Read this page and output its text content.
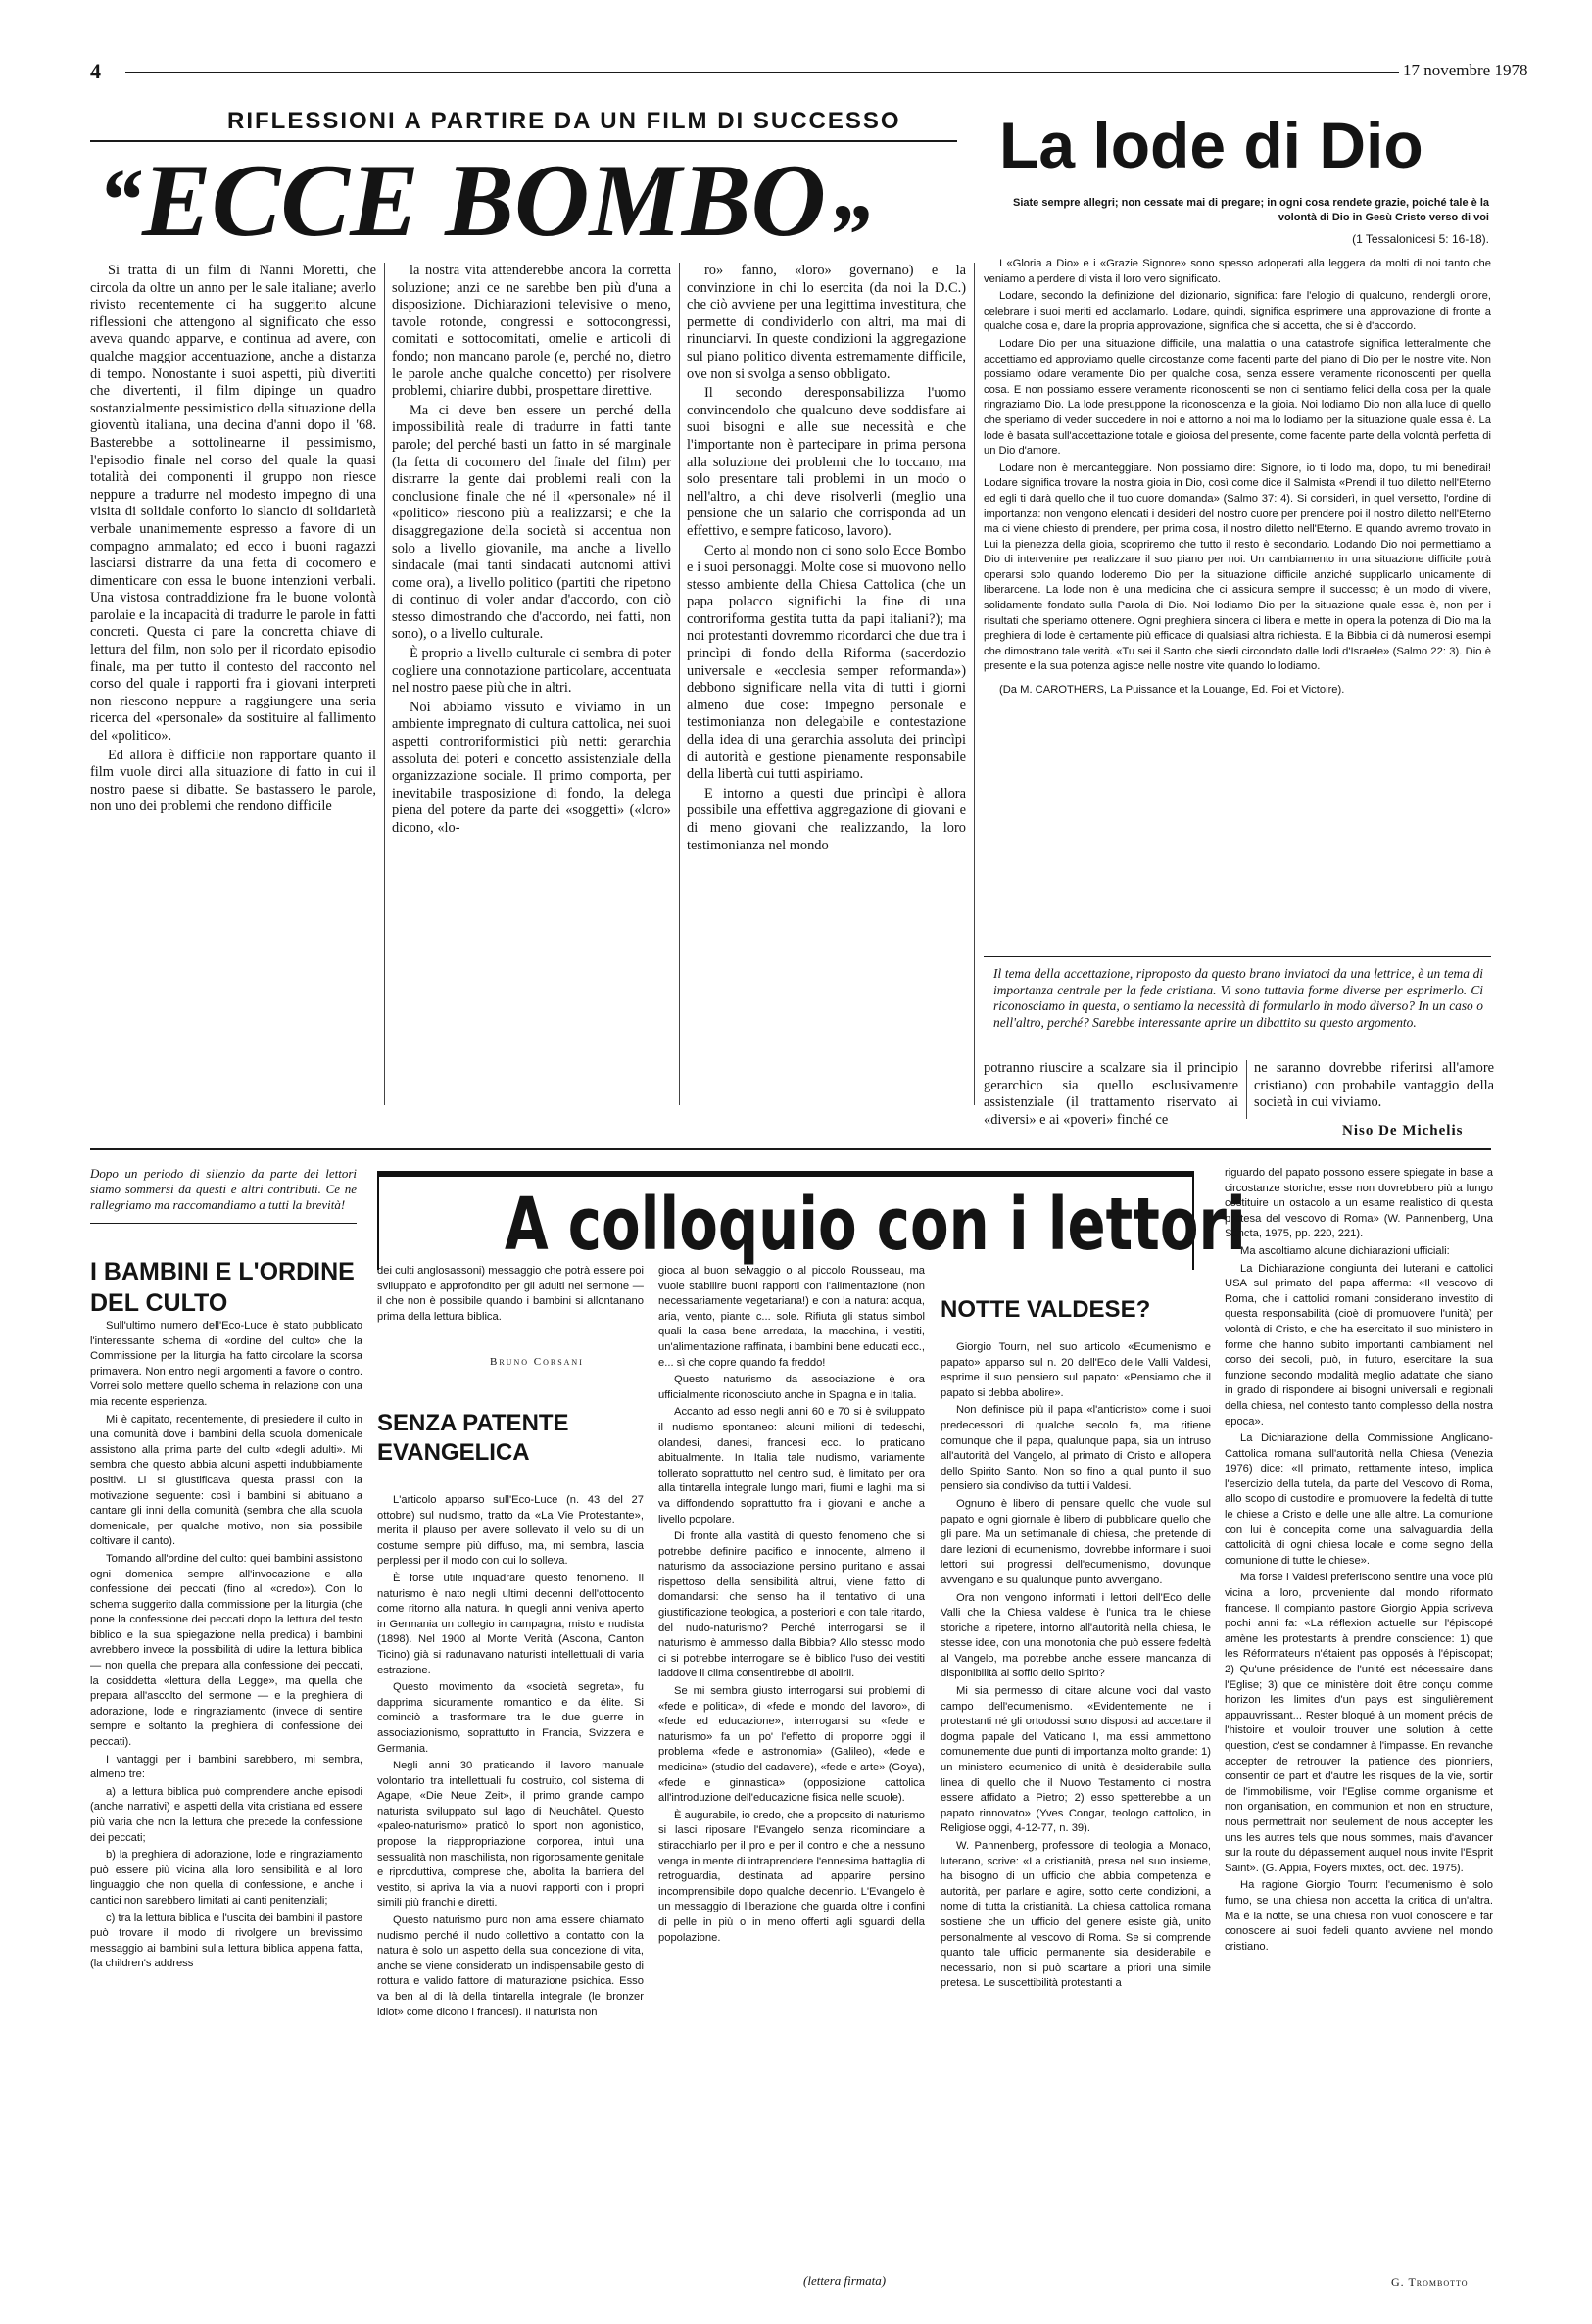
4	17 novembre 1978
RIFLESSIONI A PARTIRE DA UN FILM DI SUCCESSO
“ECCE $BOMBO_”$

Si tratta di un film di Nanni Moretti, che circola da oltre un anno per le sale italiane; averlo rivisto recentemente ci ha suggerito alcune riflessioni che attengono al significato che esso aveva quando apparve, e continua ad avere, con qualche maggior accentuazione, anche a distanza di tempo. Nonostante i suoi aspetti, più divertiti che divertenti, il film dipinge un quadro sostanzialmente pessimistico della situazione della gioventù italiana, una decina d'anni dopo il '68. Basterebbe a sottolinearne il pessimismo, l'episodio finale nel corso del quale la quasi totalità dei componenti il gruppo non riesce neppure a tradurre nel modesto impegno di una visita di solidale conforto lo slancio di solidarietà verbale unanimemente espresso a favore di un compagno ammalato; ed ecco i buoni ragazzi lasciarsi distrarre da una fetta di cocomero e dimenticare con essa le buone intenzioni verbali. Una vistosa contraddizione fra le buone volontà parolaie e la incapacità di tradurre le parole in fatti concreti. Questa ci pare la concretta chiave di lettura del film, non solo per il ricordato episodio finale, ma per tutto il contesto del racconto nel corso del quale i rapporti fra i giovani interpreti non riescono neppure a raggiungere una seria ricerca del «personale» da sostituire al fallimento del «politico».

Ed allora è difficile non rapportare quanto il film vuole dirci alla situazione di fatto in cui il nostro paese si dibatte. Se bastassero le parole, non uno dei problemi che rendono difficile

la nostra vita attenderebbe ancora la corretta soluzione; anzi ce ne sarebbe ben più d'una a disposizione. Dichiarazioni televisive o meno, tavole rotonde, congressi e sottocongressi, comitati e sottocomitati, omelie e articoli di fondo; non mancano parole (e, perché no, dietro le parole anche qualche concetto) per risolvere problemi, chiarire dubbi, prospettare direttive.

Ma ci deve ben essere un perché della impossibilità reale di tradurre in fatti tante parole; del perché basti un fatto in sé marginale (la fetta di cocomero del finale del film) per distrarre la gente dai problemi reali con la conclusione finale che né il «personale» né il «politico» riescono più a realizzarsi; e che la disaggregazione della società si accentua non solo a livello giovanile, ma anche a livello sindacale (mai tanti sindacati autonomi attivi come ora), a livello politico (partiti che ripetono di continuo di voler andar d'accordo, con ciò stesso dimostrando che d'accordo, nei fatti, non sono), o a livello culturale.

È proprio a livello culturale ci sembra di poter cogliere una connotazione particolare, accentuata nel nostro paese più che in altri.

Noi abbiamo vissuto e viviamo in un ambiente impregnato di cultura cattolica, nei suoi aspetti controriformistici più netti: gerarchia assoluta dei poteri e concetto assistenziale della organizzazione sociale. Il primo comporta, per inevitabile trasposizione di fondo, la delega piena del potere da parte dei «soggetti» («loro» dicono, «lo-

ro» fanno, «loro» governano) e la convinzione in chi lo esercita (da noi la D.C.) che ciò avviene per una legittima investitura, che permette di condividerlo con altri, ma mai di rinunciarvi. In queste condizioni la aggregazione sul piano politico diventa estremamente difficile, ove non si svolga a senso obbligato.

Il secondo deresponsabilizza l'uomo convincendolo che qualcuno deve soddisfare ai suoi bisogni e alle sue necessità e che l'importante non è partecipare in prima persona alla soluzione dei problemi che lo toccano, ma solo presentare tali problemi in un modo o nell'altro, a chi deve risolverli (meglio una pensione che un salario che corrisponda ad un effettivo, e sempre faticoso, lavoro).

Certo al mondo non ci sono solo Ecce Bombo e i suoi personaggi. Molte cose si muovono nello stesso ambiente della Chiesa Cattolica (che un papa polacco significhi la fine di una controriforma gestita tutta da papi italiani?); ma noi protestanti dovremmo ricordarci che due tra i princìpi di fondo della Riforma (sacerdozio universale e «ecclesia semper reformanda») debbono significare nella vita di tutti i giorni almeno due cose: impegno personale e testimonianza non delegabile e contestazione della idea di una gerarchia assoluta dei princìpi di autorità e gestione pienamente responsabile della libertà cui tutti aspiriamo.

E intorno a questi due princìpi è allora possibile una effettiva aggregazione di giovani e di meno giovani che realizzando, la loro testimonianza nel mondo

La lode di Dio
Siate sempre allegri; non cessate mai di pregare; in ogni cosa rendete grazie, poiché tale è la volontà di Dio in Gesù Cristo verso di voi
(1 Tessalonicesi 5: 16-18).

I «Gloria a Dio» e i «Grazie Signore» sono spesso adoperati alla leggera da molti di noi tanto che veniamo a perdere di vista il loro vero significato.

Lodare, secondo la definizione del dizionario, significa: fare l'elogio di qualcuno, rendergli onore, celebrare i suoi meriti ed acclamarlo. Lodare, quindi, significa esprimere una approvazione di fronte a qualche cosa e, dare la propria approvazione, significa che si accetta, che si è d'accordo.

Lodare Dio per una situazione difficile, una malattia o una catastrofe significa letteralmente che accettiamo ed approviamo quelle circostanze come facenti parte del piano di Dio per le nostre vite. Non possiamo lodare veramente Dio per qualche cosa, senza essere veramente riconoscenti per quella cosa. E non possiamo essere veramente riconoscenti se non ci sentiamo felici della cosa per la quale ringraziamo Dio. La lode presuppone la riconoscenza e la gioia. Noi lodiamo Dio non alla luce di quello che speriamo di veder succedere in noi e attorno a noi ma lo lodiamo per la situazione quale essa è. La lode è basata sull'accettazione totale e gioiosa del presente, come facente parte della volontà perfetta di un Dio d'amore.

Lodare non è mercanteggiare. Non possiamo dire: Signore, io ti lodo ma, dopo, tu mi benedirai! Lodare significa trovare la nostra gioia in Dio, così come dice il Salmista «Prendi il tuo diletto nell'Eterno ed egli ti darà quello che il tuo cuore domanda» (Salmo 37: 4). Si considerì, in quel versetto, l'ordine di importanza: non vengono elencati i desideri del nostro cuore per prendere poi il nostro diletto nell'Eterno ma ci viene chiesto di prendere, per prima cosa, il nostro diletto nell'Eterno. E quando avremo trovato in Lui la pienezza della gioia, scopriremo che tutto il resto è secondario. Lodando Dio noi permettiamo a Dio di intervenire per realizzare il suo piano per noi. Un cambiamento in una situazione difficile potrà operarsi solo quando loderemo Dio per la situazione difficile anziché supplicarlo unicamente di liberarcene. La lode non è una medicina che ci assicura sempre il successo; è un modo di vivere, solidamente fondato sulla Parola di Dio. Noi lodiamo Dio per la situazione quale essa è, non per i risultati che speriamo ottenere. Ogni preghiera sincera ci libera e mette in opera la potenza di Dio ma la preghiera di lode è certamente più efficace di qualsiasi altra richiesta. E la Bibbia ci dà numerosi esempi che dimostrano tale verità. «Tu sei il Santo che siedi circondato dalle lodi d'Israele» (Salmo 22: 3). Dio è presente e la sua potenza agisce nelle nostre vite quando lo lodiamo.

(Da M. CAROTHERS, La Puissance et la Louange, Ed. Foi et Victoire).

Il tema della accettazione, riproposto da questo brano inviatoci da una lettrice, è un tema di importanza centrale per la fede cristiana. Vi sono tuttavia forme diverse per esprimerlo. Ci riconosciamo in questa, o sentiamo la necessità di formularlo in modo diverso? In un caso o nell'altro, perché? Sarebbe interessante aprire un dibattito su questo argomento.

potranno riuscire a scalzare sia il principio gerarchico sia quello esclusivamente assistenziale (il trattamento riservato ai «diversi» e ai «poveri» finché ce

ne saranno dovrebbe riferirsi all'amore cristiano) con probabile vantaggio della società in cui viviamo.

Niso De Michelis
Dopo un periodo di silenzio da parte dei lettori siamo sommersi da questi e altri contributi. Ce ne rallegriamo ma raccomandiamo a tutti la brevità! A colloquio con i lettori
I BAMBINI E L'ORDINE DEL CULTO

Sull'ultimo numero dell'Eco-Luce è stato pubblicato l'interessante schema di «ordine del culto» che la Commissione per la liturgia ha fatto circolare la scorsa primavera. Non entro negli argomenti a favore o contro. Vorrei solo mettere quello schema in relazione con una mia recente esperienza.

Mi è capitato, recentemente, di presiedere il culto in una comunità dove i bambini della scuola domenicale assistono alla prima parte del culto «degli adulti». Mi sembra che questo abbia alcuni aspetti indubbiamente positivi. Li si giustificava questa prassi con la motivazione seguente: così i bambini si abituano a cantare gli inni della comunità (sembra che alla scuola domenicale, per qualche motivo, non sia possibile coltivare il canto).

Tornando all'ordine del culto: quei bambini assistono ogni domenica sempre all'invocazione e alla confessione dei peccati (fino al «credo»). Con lo schema suggerito dalla commissione per la liturgia (che pone la confessione dei peccati dopo la lettura del testo biblico e la sua spiegazione nella predica) i bambini avrebbero invece la possibilità di udire la lettura biblica — non quella che prepara alla confessione dei peccati, la cosiddetta «lettura della Legge», ma quella che prepara all'ascolto del sermone — e la preghiera di adorazione, lode e ringraziamento (invece di sentire sempre e soltanto la preghiera di confessione dei peccati).

I vantaggi per i bambini sarebbero, mi sembra, almeno tre:

a) la lettura biblica può comprendere anche episodi (anche narrativi) e aspetti della vita cristiana ed essere più varia che non la lettura che precede la confessione dei peccati;

b) la preghiera di adorazione, lode e ringraziamento può essere più vicina alla loro sensibilità e al loro linguaggio che non quella di confessione, e anche i cantici non sarebbero limitati ai canti penitenziali;

c) tra la lettura biblica e l'uscita dei bambini il pastore può trovare il modo di rivolgere un brevissimo messaggio ai bambini sulla lettura biblica appena fatta, (la children's address

dei culti anglosassoni) messaggio che potrà essere poi sviluppato e approfondito per gli adulti nel sermone — il che non è possibile quando i bambini si allontanano prima della lettura biblica.

Bruno Corsani
SENZA PATENTE EVANGELICA

L'articolo apparso sull'Eco-Luce (n. 43 del 27 ottobre) sul nudismo, tratto da «La Vie Protestante», merita il plauso per avere sollevato il velo su di un costume sempre più diffuso, ma, mi sembra, lascia perplessi per il modo con cui lo solleva.

È forse utile inquadrare questo fenomeno. Il naturismo è nato negli ultimi decenni dell'ottocento come ritorno alla natura. In quegli anni veniva aperto in Germania un collegio in campagna, misto e nudista (1898). Nel 1900 al Monte Verità (Ascona, Canton Ticino) già si radunavano naturisti intellettuali di varia estrazione.

Questo movimento da «società segreta», fu dapprima sicuramente romantico e da élite. Si cominciò a trasformare tra le due guerre in associazionismo, soprattutto in Francia, Svizzera e Germania.

Negli anni 30 praticando il lavoro manuale volontario tra intellettuali fu costruito, col sistema di Agape, «Die Neue Zeit», il primo grande campo naturista sviluppato sul lago di Neuchâtel. Questo «paleo-naturismo» praticò lo sport non agonistico, propose la riappropriazione corporea, intuì una sessualità non maschilista, non rigorosamente genitale e riproduttiva, comprese che, abolita la barriera del vestito, si apriva la via a nuovi rapporti con i propri simili più franchi e diretti.

Questo naturismo puro non ama essere chiamato nudismo perché il nudo collettivo a contatto con la natura è solo un aspetto della sua concezione di vita, anche se viene considerato un indispensabile gesto di rottura e valido fattore di maturazione psichica. Esso va ben al di là della tintarella integrale (le bronzer idiot» come dicono i francesi). Il naturista non

gioca al buon selvaggio o al piccolo Rousseau, ma vuole stabilire buoni rapporti con l'alimentazione (non necessariamente vegetariana!) e con la natura: acqua, aria, vento, piante c... sole. Rifiuta gli status simbol quali la casa bene arredata, la macchina, i vestiti, un'alimentazione raffinata, i bambini bene educati ecc., e... sì che copre quando fa freddo!

Questo naturismo da associazione è ora ufficialmente riconosciuto anche in Spagna e in Italia.

Accanto ad esso negli anni 60 e 70 si è sviluppato il nudismo spontaneo: alcuni milioni di tedeschi, olandesi, danesi, francesi ecc. lo praticano abitualmente. In Italia tale nudismo, variamente tollerato soprattutto nel centro sud, è limitato per ora alla tintarella integrale lungo mari, fiumi e laghi, ma si va diffondendo soprattutto fra i giovani e anche a livello popolare.

Di fronte alla vastità di questo fenomeno che si potrebbe definire pacifico e innocente, almeno il naturismo da associazione persino puritano e assai rispettoso della sensibilità altrui, viene fatto di domandarsi: che senso ha il tentativo di una giustificazione teologica, a posteriori e con tale ritardo, del nudo-naturismo? Perché interrogarsi se il naturismo è ammesso dalla Bibbia? Allo stesso modo ci si potrebbe interrogare se è biblico l'uso dei vestiti laddove il clima consentirebbe di abolirli.

Se mi sembra giusto interrogarsi sui problemi di «fede e politica», di «fede e mondo del lavoro», di «fede ed educazione», interrogarsi su «fede e naturismo» fa un po' l'effetto di proporre oggi il problema «fede e astronomia» (Galileo), «fede e medicina» (studio del cadavere), «fede e arte» (Goya), «fede e ginnastica» (opposizione cattolica all'introduzione dell'educazione fisica nelle scuole).

È augurabile, io credo, che a proposito di naturismo si lasci riposare l'Evangelo senza ricominciare a stiracchiarlo per il pro e per il contro e che a nessuno venga in mente di intraprendere l'ennesima battaglia di retroguardia, destinata ad apparire persino incomprensibile dopo qualche decennio. L'Evangelo è un messaggio di liberazione che guarda oltre i confini di pelle in più o in meno offerti agli sguardi della popolazione.

(lettera firmata)
NOTTE VALDESE?

Giorgio Tourn, nel suo articolo «Ecumenismo e papato» apparso sul n. 20 dell'Eco delle Valli Valdesi, esprime il suo pensiero sul papato: «Pensiamo che il papato si debba abolire».

Non definisce più il papa «l'anticristo» come i suoi predecessori di qualche secolo fa, ma ritiene comunque che il papa, qualunque papa, sia un intruso all'autorità del Vangelo, al primato di Cristo e all'opera dello Spirito Santo. Non so fino a qual punto il suo pensiero sia condiviso da tutti i Valdesi.

Ognuno è libero di pensare quello che vuole sul papato e ogni giornale è libero di pubblicare quello che gli pare. Ma un settimanale di chiesa, che pretende di dare lezioni di ecumenismo, dovrebbe informare i suoi lettori sui progressi dell'ecumenismo, dovunque avvengano e su qualunque punto avvengano.

Ora non vengono informati i lettori dell'Eco delle Valli che la Chiesa valdese è l'unica tra le chiese storiche a ripetere, intorno all'autorità nella chiesa, le stesse idee, con una monotonia che può essere fedeltà al Vangelo, ma potrebbe anche essere mancanza di disponibilità al soffio dello Spirito?

Mi sia permesso di citare alcune voci dal vasto campo dell'ecumenismo. «Evidentemente ne i protestanti né gli ortodossi sono disposti ad accettare il dogma papale del Vaticano I, ma essi ammettono comunemente due punti di importanza molto grande: 1) un ministero ecumenico di unità è desiderabile sulla linea di quello che il Nuovo Testamento ci mostra essere affidato a Pietro; 2) esso spetterebbe a un papato rinnovato» (Yves Congar, teologo cattolico, in Religiose oggi, 4-12-77, n. 39).

W. Pannenberg, professore di teologia a Monaco, luterano, scrive: «La cristianità, presa nel suo insieme, ha bisogno di un ufficio che abbia competenza e autorità, per parlare e agire, sotto certe condizioni, a nome di tutta la cristianità. La chiesa cattolica romana sostiene che un ufficio del genere esiste già, unito personalmente al vescovo di Roma. Se si comprende quanto tale ufficio permanente sia desiderabile e necessario, non si può scartare a priori una simile pretesa. Le suscettibilità protestanti a

riguardo del papato possono essere spiegate in base a circostanze storiche; esse non dovrebbero più a lungo costituire un ostacolo a un esame realistico di questa pretesa del vescovo di Roma» (W. Pannenberg, Una Sancta, 1975, pp. 220, 221).

Ma ascoltiamo alcune dichiarazioni ufficiali:

La Dichiarazione congiunta dei luterani e cattolici USA sul primato del papa afferma: «Il vescovo di Roma, che i cattolici romani considerano investito di questa responsabilità (cioè di promuovere l'unità) per volontà di Cristo, e che ha esercitato il suo ministero in forme che hanno subito importanti cambiamenti nel corso dei secoli, può, in futuro, esercitare la sua funzione secondo modalità meglio adattate che siano in grado di rispondere ai bisogni universali e regionali della chiesa, nel contesto tanto complesso della nostra epoca».

La Dichiarazione della Commissione Anglicano-Cattolica romana sull'autorità nella Chiesa (Venezia 1976) dice: «Il primato, rettamente inteso, implica l'esercizio della tutela, da parte del Vescovo di Roma, allo scopo di custodire e promuovere la fedeltà di tutte le chiese a Cristo e delle une alle altre. La comunione con lui è concepita come una salvaguardia della cattolicità di ogni chiesa locale e come segno della comunione di tutte le chiese».

Ma forse i Valdesi preferiscono sentire una voce più vicina a loro, proveniente dal mondo riformato francese. Il compianto pastore Giorgio Appia scriveva pochi anni fa: «La réflexion actuelle sur l'épiscopé amène les protestants à prendre conscience: 1) que les Réformateurs n'étaient pas opposés à l'épiscopat; 2) Qu'une présidence de l'unité est nécessaire dans l'Eglise; 3) que ce ministère doit être conçu comme horizon les limites d'un pays est singulièrement appauvrissant... Rester bloqué à un moment précis de l'histoire et vouloir trouver une solution à cette question, c'est se condamner à l'impasse. En revanche accepter de retrouver la patience des pionniers, consentir de part et d'autre les risques de la vie, sortir de l'immobilisme, voir l'Eglise comme organisme et non organisation, en communion et non en structure, nous permettrait non seulement de nous accepter les uns les autres tels que nous sommes, mais d'avancer sur la route du dépassement auquel nous invite l'Esprit Saint». (G. Appia, Foyers mixtes, oct. déc. 1975).

Ha ragione Giorgio Tourn: l'ecumenismo è solo fumo, se una chiesa non accetta la critica di un'altra. Ma è la notte, se una chiesa non vuol conoscere e far conoscere ai suoi fedeli quanto avviene nel mondo cristiano.

G. Trombotto
